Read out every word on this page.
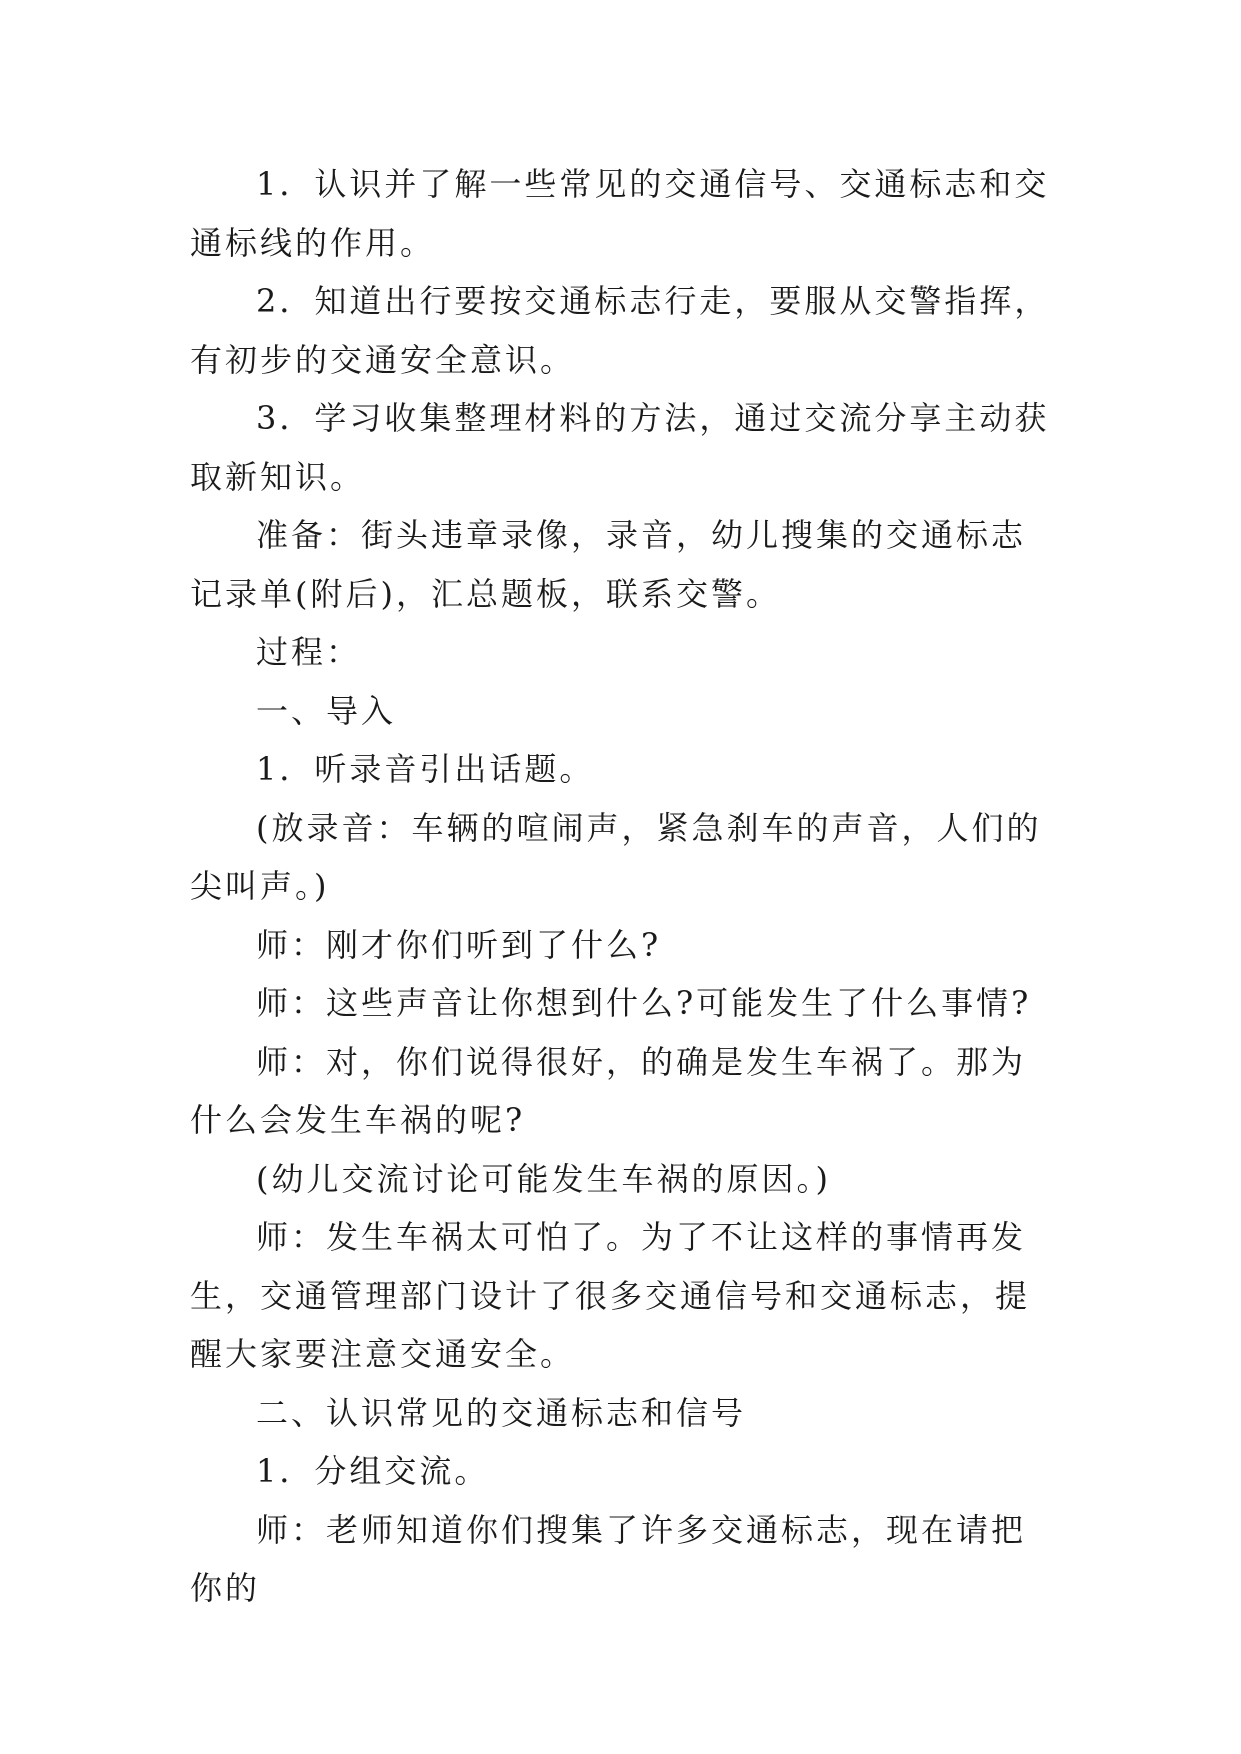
1．认识并了解一些常见的交通信号、交通标志和交通标线的作用。

2．知道出行要按交通标志行走，要服从交警指挥，有初步的交通安全意识。

3．学习收集整理材料的方法，通过交流分享主动获取新知识。

准备：街头违章录像，录音，幼儿搜集的交通标志记录单(附后)，汇总题板，联系交警。

过程：

一、导入

1．听录音引出话题。

(放录音：车辆的喧闹声，紧急刹车的声音，人们的尖叫声。)

师：刚才你们听到了什么?

师：这些声音让你想到什么?可能发生了什么事情?

师：对，你们说得很好，的确是发生车祸了。那为什么会发生车祸的呢?

(幼儿交流讨论可能发生车祸的原因。)

师：发生车祸太可怕了。为了不让这样的事情再发生，交通管理部门设计了很多交通信号和交通标志，提醒大家要注意交通安全。

二、认识常见的交通标志和信号

1．分组交流。

师：老师知道你们搜集了许多交通标志，现在请把你的
